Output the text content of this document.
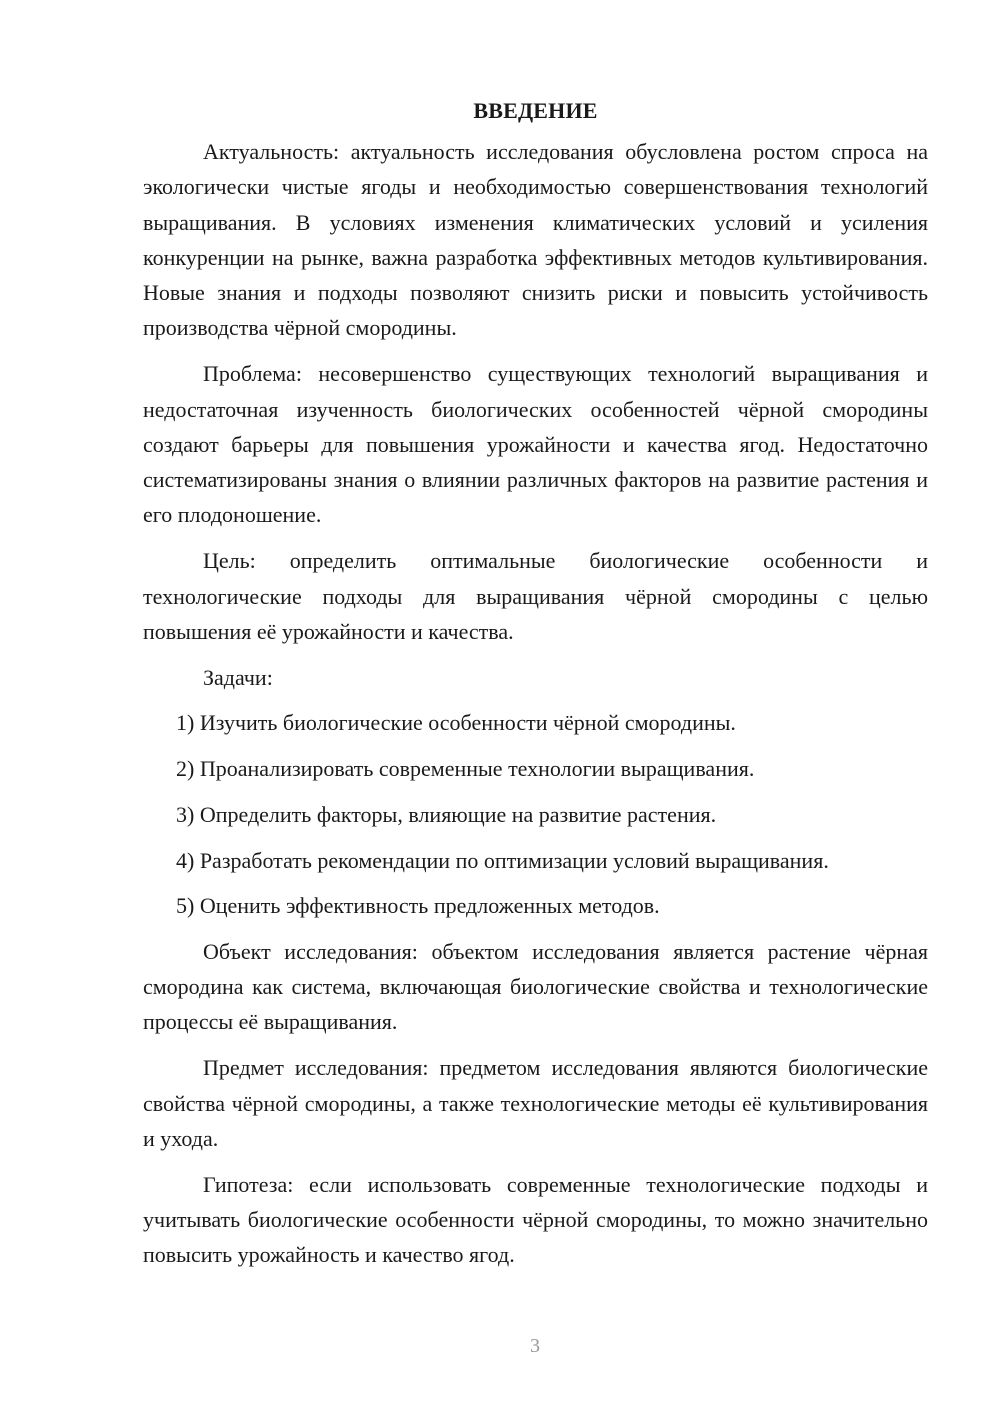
ВВЕДЕНИЕ

Актуальность: актуальность исследования обусловлена ростом спроса на экологически чистые ягоды и необходимостью совершенствования технологий выращивания. В условиях изменения климатических условий и усиления конкуренции на рынке, важна разработка эффективных методов культивирования. Новые знания и подходы позволяют снизить риски и повысить устойчивость производства чёрной смородины.

Проблема: несовершенство существующих технологий выращивания и недостаточная изученность биологических особенностей чёрной смородины создают барьеры для повышения урожайности и качества ягод. Недостаточно систематизированы знания о влиянии различных факторов на развитие растения и его плодоношение.

Цель: определить оптимальные биологические особенности и технологические подходы для выращивания чёрной смородины с целью повышения её урожайности и качества.

Задачи:

1) Изучить биологические особенности чёрной смородины.
2) Проанализировать современные технологии выращивания.
3) Определить факторы, влияющие на развитие растения.
4) Разработать рекомендации по оптимизации условий выращивания.
5) Оценить эффективность предложенных методов.

Объект исследования: объектом исследования является растение чёрная смородина как система, включающая биологические свойства и технологические процессы её выращивания.

Предмет исследования: предметом исследования являются биологические свойства чёрной смородины, а также технологические методы её культивирования и ухода.

Гипотеза: если использовать современные технологические подходы и учитывать биологические особенности чёрной смородины, то можно значительно повысить урожайность и качество ягод.

3
